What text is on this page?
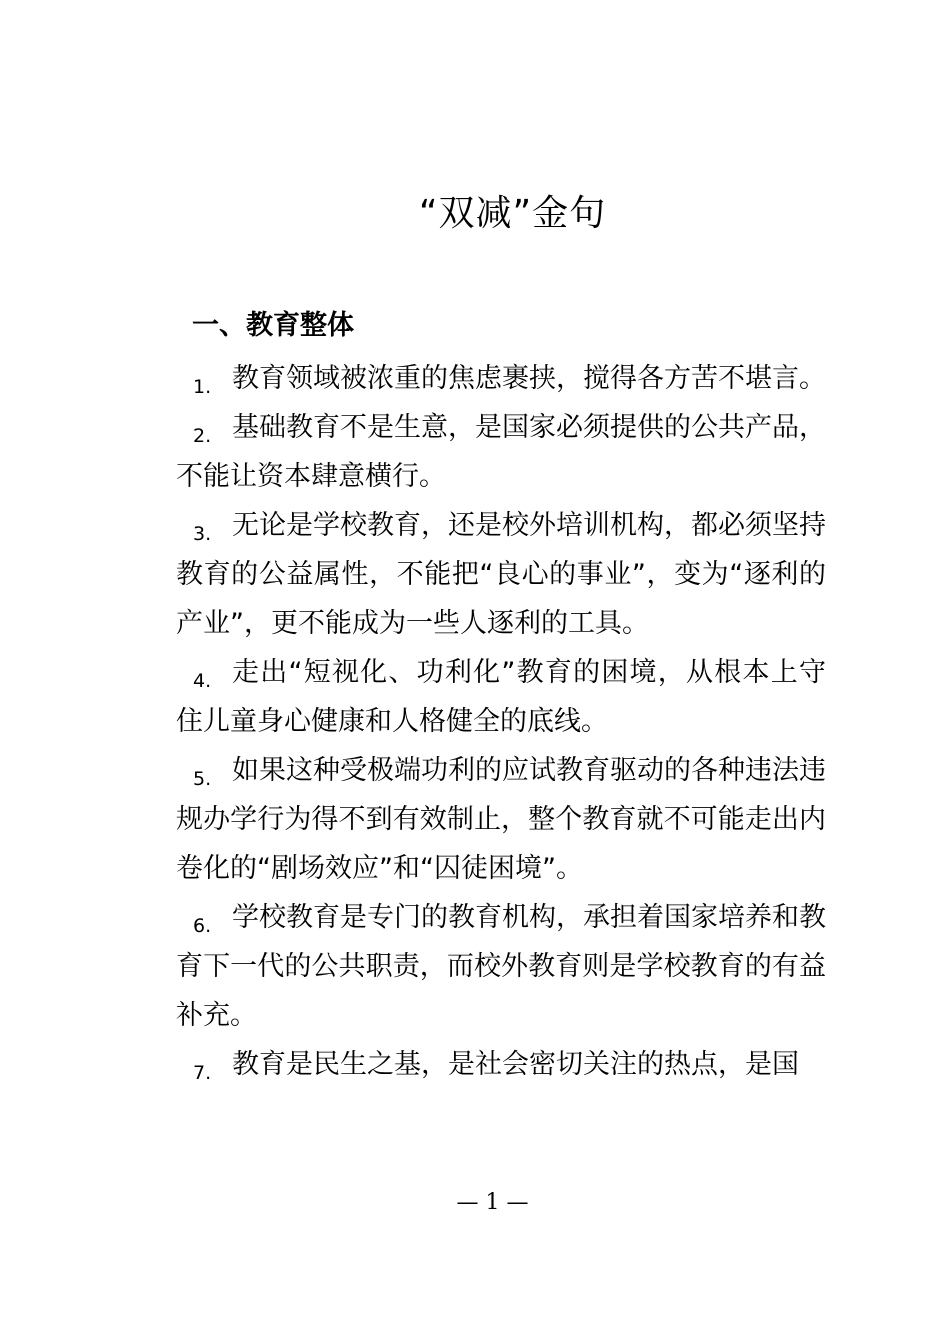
“双减”金句
一、教育整体

1. 教育领域被浓重的焦虑裹挟，搅得各方苦不堪言。

2. 基础教育不是生意，是国家必须提供的公共产品，不能让资本肆意横行。

3. 无论是学校教育，还是校外培训机构，都必须坚持教育的公益属性，不能把“良心的事业”，变为“逐利的产业”，更不能成为一些人逐利的工具。

4. 走出“短视化、功利化”教育的困境，从根本上守住儿童身心健康和人格健全的底线。

5. 如果这种受极端功利的应试教育驱动的各种违法违规办学行为得不到有效制止，整个教育就不可能走出内卷化的“剧场效应”和“囚徒困境”。

6. 学校教育是专门的教育机构，承担着国家培养和教育下一代的公共职责，而校外教育则是学校教育的有益补充。

7. 教育是民生之基，是社会密切关注的热点，是国

— 1 —
